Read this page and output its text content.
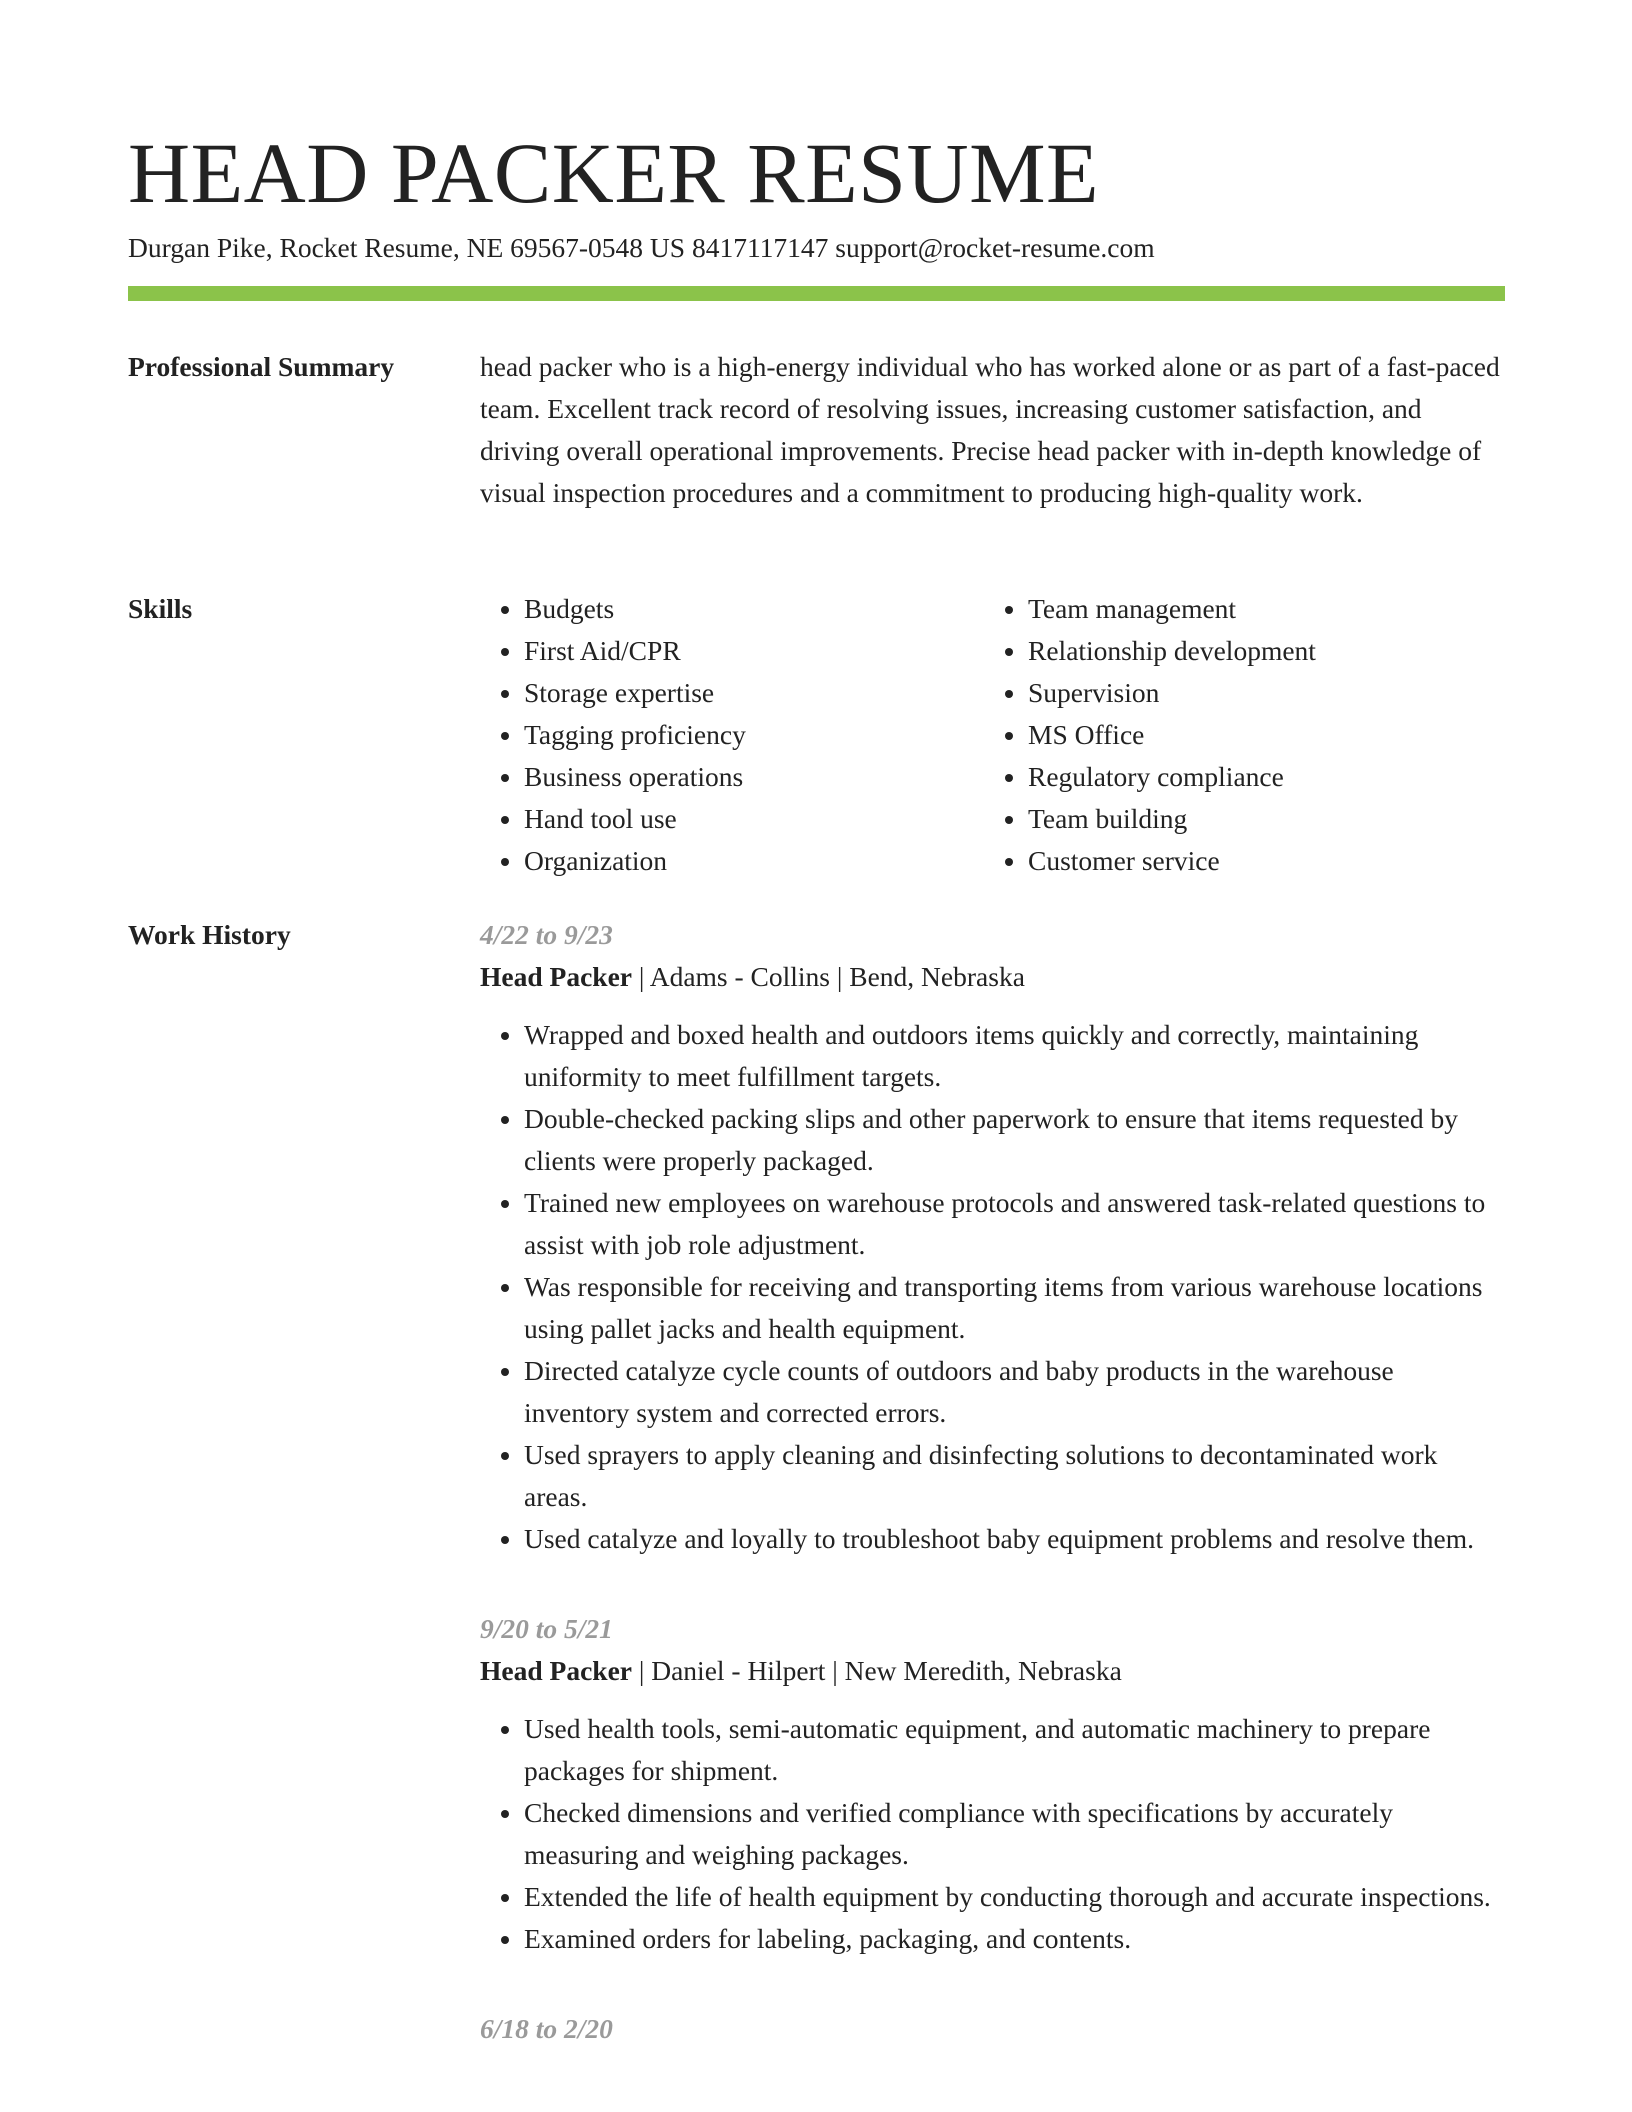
HEAD PACKER RESUME
Durgan Pike, Rocket Resume, NE 69567-0548 US 8417117147 support@rocket-resume.com
Professional Summary	head packer who is a high-energy individual who has worked alone or as part of a fast-paced team. Excellent track record of resolving issues, increasing customer satisfaction, and driving overall operational improvements. Precise head packer with in-depth knowledge of visual inspection procedures and a commitment to producing high-quality work.

Skills
•	Budgets
• First Aid/CPR
• Storage expertise
• Tagging proficiency
• Business operations
• Hand tool use
• Organization
• Team management
• Relationship development
• Supervision
• MS Office
• Regulatory compliance
• Team building
• Customer service
Work History	4/22 to 9/23
Head Packer | Adams - Collins | Bend, Nebraska
• Wrapped and boxed health and outdoors items quickly and correctly, maintaining uniformity to meet fulfillment targets.
• Double-checked packing slips and other paperwork to ensure that items requested by clients were properly packaged.
• Trained new employees on warehouse protocols and answered task-related questions to assist with job role adjustment.
• Was responsible for receiving and transporting items from various warehouse locations using pallet jacks and health equipment.
• Directed catalyze cycle counts of outdoors and baby products in the warehouse inventory system and corrected errors.
• Used sprayers to apply cleaning and disinfecting solutions to decontaminated work areas.
• Used catalyze and loyally to troubleshoot baby equipment problems and resolve them.
9/20 to 5/21
Head Packer | Daniel - Hilpert | New Meredith, Nebraska
• Used health tools, semi-automatic equipment, and automatic machinery to prepare packages for shipment.
• Checked dimensions and verified compliance with specifications by accurately measuring and weighing packages.
• Extended the life of health equipment by conducting thorough and accurate inspections.
• Examined orders for labeling, packaging, and contents.
6/18 to 2/20
